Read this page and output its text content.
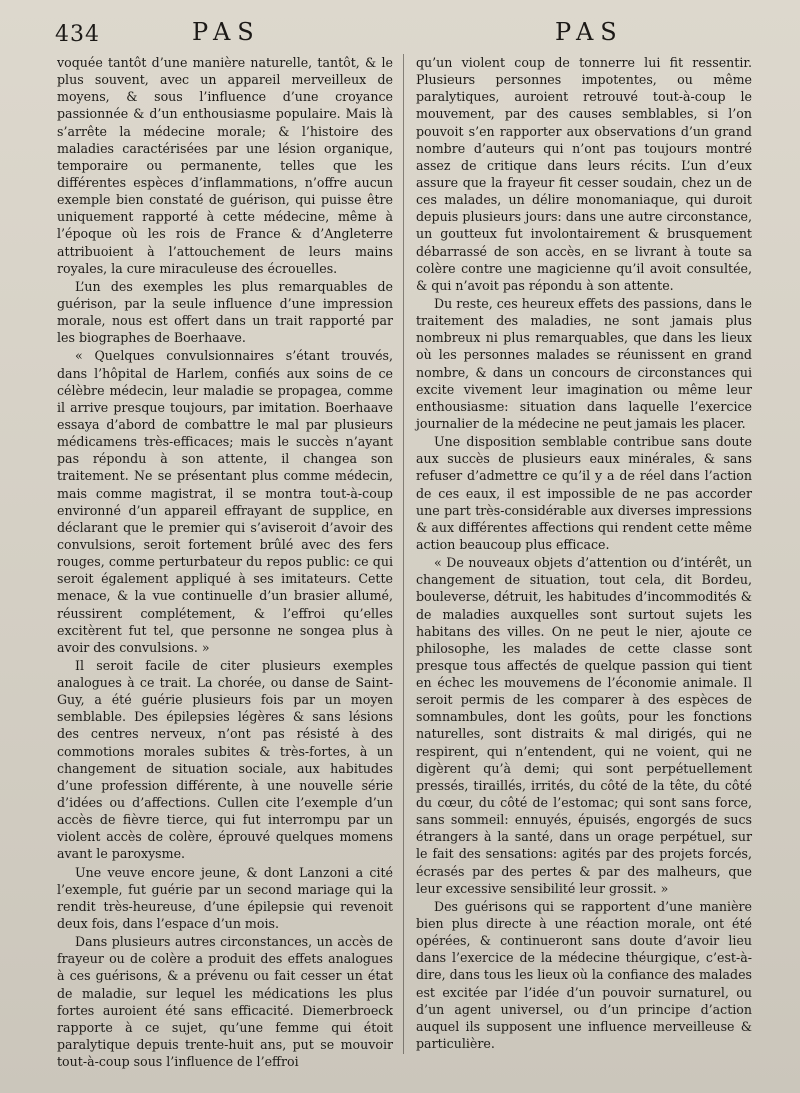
434	PAS	PAS

voquée tantôt d’une manière naturelle, tantôt, & le plus souvent, avec un appareil merveilleux de moyens, & sous l’influence d’une croyance passionnée & d’un enthousiasme populaire. Mais là s’arrête la médecine morale; & l’histoire des maladies caractérisées par une lésion organique, temporaire ou permanente, telles que les différentes espèces d’inflammations, n’offre aucun exemple bien constaté de guérison, qui puisse être uniquement rapporté à cette médecine, même à l’époque où les rois de France & d’Angleterre attribuoient à l’attouchement de leurs mains royales, la cure miraculeuse des écrouelles.

L’un des exemples les plus remarquables de guérison, par la seule influence d’une impression morale, nous est offert dans un trait rapporté par les biographes de Boerhaave.

« Quelques convulsionnaires s’étant trouvés, dans l’hôpital de Harlem, confiés aux soins de ce célèbre médecin, leur maladie se propagea, comme il arrive presque toujours, par imitation. Boerhaave essaya d’abord de combattre le mal par plusieurs médicamens très-efficaces; mais le succès n’ayant pas répondu à son attente, il changea son traitement. Ne se présentant plus comme médecin, mais comme magistrat, il se montra tout-à-coup environné d’un appareil effrayant de supplice, en déclarant que le premier qui s’aviseroit d’avoir des convulsions, seroit fortement brûlé avec des fers rouges, comme perturbateur du repos public: ce qui seroit également appliqué à ses imitateurs. Cette menace, & la vue continuelle d’un brasier allumé, réussirent complétement, & l’effroi qu’elles excitèrent fut tel, que personne ne songea plus à avoir des convulsions. »

Il seroit facile de citer plusieurs exemples analogues à ce trait. La chorée, ou danse de Saint-Guy, a été guérie plusieurs fois par un moyen semblable. Des épilepsies légères & sans lésions des centres nerveux, n’ont pas résisté à des commotions morales subites & très-fortes, à un changement de situation sociale, aux habitudes d’une profession différente, à une nouvelle série d’idées ou d’affections. Cullen cite l’exemple d’un accès de fièvre tierce, qui fut interrompu par un violent accès de colère, éprouvé quelques momens avant le paroxysme.

Une veuve encore jeune, & dont Lanzoni a cité l’exemple, fut guérie par un second mariage qui la rendit très-heureuse, d’une épilepsie qui revenoit deux fois, dans l’espace d’un mois.

Dans plusieurs autres circonstances, un accès de frayeur ou de colère a produit des effets analogues à ces guérisons, & a prévenu ou fait cesser un état de maladie, sur lequel les médications les plus fortes auroient été sans efficacité. Diemerbroeck rapporte à ce sujet, qu’une femme qui étoit paralytique depuis trente-huit ans, put se mouvoir tout-à-coup sous l’influence de l’effroi

qu’un violent coup de tonnerre lui fit ressentir. Plusieurs personnes impotentes, ou même paralytiques, auroient retrouvé tout-à-coup le mouvement, par des causes semblables, si l’on pouvoit s’en rapporter aux observations d’un grand nombre d’auteurs qui n’ont pas toujours montré assez de critique dans leurs récits. L’un d’eux assure que la frayeur fit cesser soudain, chez un de ces malades, un délire monomaniaque, qui duroit depuis plusieurs jours: dans une autre circonstance, un goutteux fut involontairement & brusquement débarrassé de son accès, en se livrant à toute sa colère contre une magicienne qu’il avoit consultée, & qui n’avoit pas répondu à son attente.

Du reste, ces heureux effets des passions, dans le traitement des maladies, ne sont jamais plus nombreux ni plus remarquables, que dans les lieux où les personnes malades se réunissent en grand nombre, & dans un concours de circonstances qui excite vivement leur imagination ou même leur enthousiasme: situation dans laquelle l’exercice journalier de la médecine ne peut jamais les placer.

Une disposition semblable contribue sans doute aux succès de plusieurs eaux minérales, & sans refuser d’admettre ce qu’il y a de réel dans l’action de ces eaux, il est impossible de ne pas accorder une part très-considérable aux diverses impressions & aux différentes affections qui rendent cette même action beaucoup plus efficace.

« De nouveaux objets d’attention ou d’intérêt, un changement de situation, tout cela, dit Bordeu, bouleverse, détruit, les habitudes d’incommodités & de maladies auxquelles sont surtout sujets les habitans des villes. On ne peut le nier, ajoute ce philosophe, les malades de cette classe sont presque tous affectés de quelque passion qui tient en échec les mouvemens de l’économie animale. Il seroit permis de les comparer à des espèces de somnambules, dont les goûts, pour les fonctions naturelles, sont distraits & mal dirigés, qui ne respirent, qui n’entendent, qui ne voient, qui ne digèrent qu’à demi; qui sont perpétuellement pressés, tiraillés, irrités, du côté de la tête, du côté du cœur, du côté de l’estomac; qui sont sans force, sans sommeil: ennuyés, épuisés, engorgés de sucs étrangers à la santé, dans un orage perpétuel, sur le fait des sensations: agités par des projets forcés, écrasés par des pertes & par des malheurs, que leur excessive sensibilité leur grossit. »

Des guérisons qui se rapportent d’une manière bien plus directe à une réaction morale, ont été opérées, & continueront sans doute d’avoir lieu dans l’exercice de la médecine théurgique, c’est-à-dire, dans tous les lieux où la confiance des malades est excitée par l’idée d’un pouvoir surnaturel, ou d’un agent universel, ou d’un principe d’action auquel ils supposent une influence merveilleuse & particulière.
